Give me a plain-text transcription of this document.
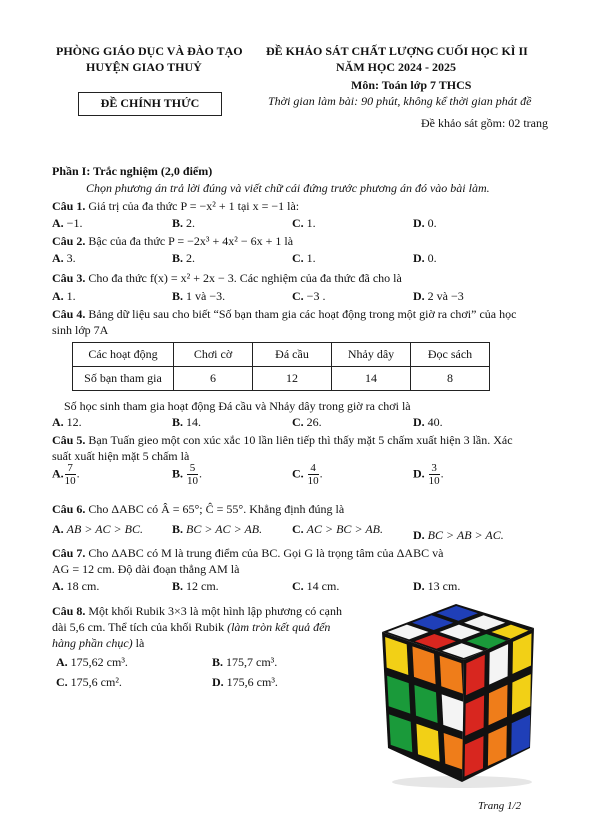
PHÒNG GIÁO DỤC VÀ ĐÀO TẠO
HUYỆN GIAO THUỶ
ĐỀ CHÍNH THỨC
ĐỀ KHẢO SÁT CHẤT LƯỢNG CUỐI HỌC KÌ II
NĂM HỌC 2024 - 2025
Môn: Toán lớp 7 THCS
Thời gian làm bài: 90 phút, không kể thời gian phát đề
Đề khảo sát gồm: 02 trang
Phần I: Trắc nghiệm (2,0 điểm)
Chọn phương án trả lời đúng và viết chữ cái đứng trước phương án đó vào bài làm.
Câu 1. Giá trị của đa thức P = −x² + 1 tại x = −1 là:
A. −1.	B. 2.	C. 1.	D. 0.
Câu 2. Bậc của đa thức P = −2x³ + 4x² − 6x + 1 là
A. 3.	B. 2.	C. 1.	D. 0.
Câu 3. Cho đa thức f(x) = x² + 2x − 3. Các nghiệm của đa thức đã cho là
A. 1.	B. 1 và −3.	C. −3 .	D. 2 và −3
Câu 4. Bảng dữ liệu sau cho biết “Số bạn tham gia các hoạt động trong một giờ ra chơi” của học
sinh lớp 7A
Các hoạt động	Chơi cờ	Đá cầu	Nhảy dây	Đọc sách
Số bạn tham gia	6	12	14	8
Số học sinh tham gia hoạt động Đá cầu và Nhảy dây trong giờ ra chơi là
A. 12.	B. 14.	C. 26.	D. 40.
Câu 5. Bạn Tuấn gieo một con xúc xắc 10 lần liên tiếp thì thấy mặt 5 chấm xuất hiện 3 lần. Xác
suất xuất hiện mặt 5 chấm là
A. $\frac{7}{10}$ .	B. $\frac{5}{10}$ .	C. $\frac{4}{10}$ .	D. $\frac{3}{10}$ .
Câu 6. Cho ΔABC có Â = 65°; Ĉ = 55°. Khẳng định đúng là
A. AB > AC > BC. B. BC > AC > AB. C. AC > BC > AB.	D. BC > AB > AC.
Câu 7. Cho ΔABC có M là trung điểm của BC. Gọi G là trọng tâm của ΔABC và
AG = 12 cm. Độ dài đoạn thẳng AM là
A. 18 cm.	B. 12 cm.	C. 14 cm.	D. 13 cm.
Câu 8. Một khối Rubik 3×3 là một hình lập phương có cạnh
dài 5,6 cm. Thể tích của khối Rubik (làm tròn kết quả đến
hàng phần chục) là
A. 175,62 cm³.	B. 175,7 cm³.
C. 175,6 cm².	D. 175,6 cm³.
Trang 1/2
